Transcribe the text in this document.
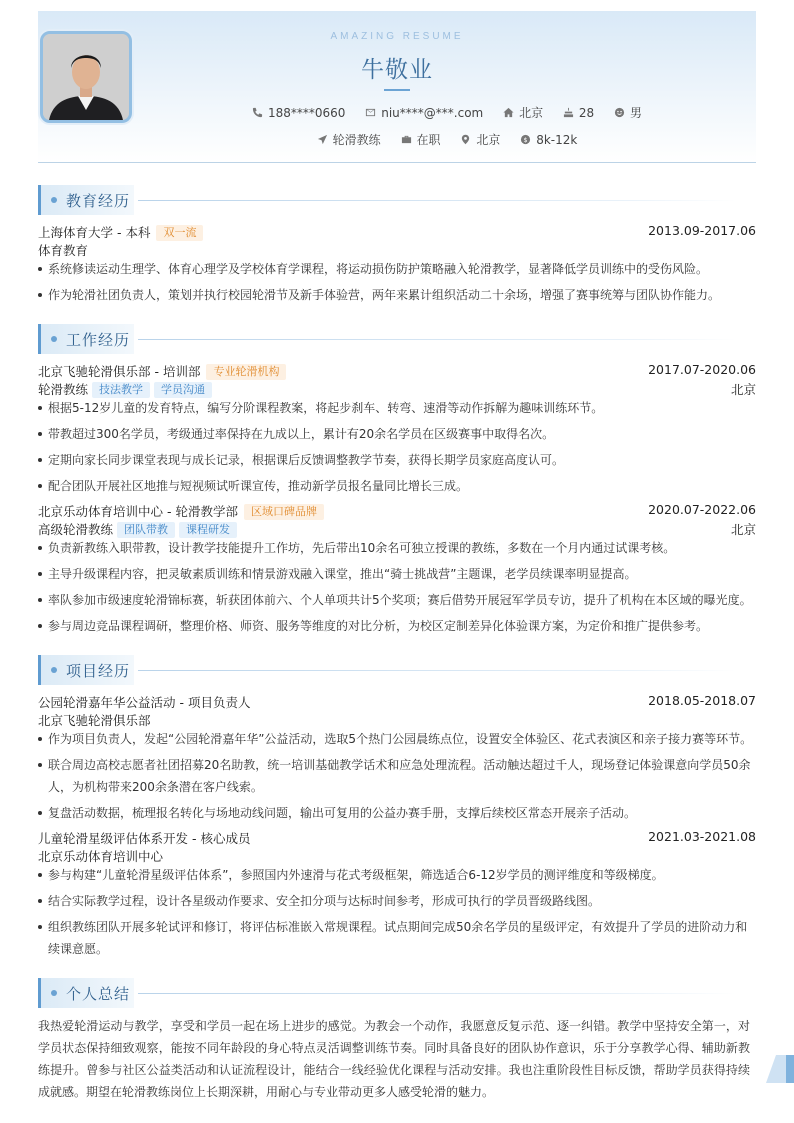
AMAZING RESUME
牛敬业
188****0660	niu****@***.com	北京	28	男
轮滑教练	在职	北京	$ 8k-12k
教育经历
上海体育大学 - 本科 双一流	2013.09-2017.06
体育教育
系统修读运动生理学、体育心理学及学校体育学课程，将运动损伤防护策略融入轮滑教学，显著降低学员训练中的受伤风险。
作为轮滑社团负责人，策划并执行校园轮滑节及新手体验营，两年来累计组织活动二十余场，增强了赛事统筹与团队协作能力。
工作经历
北京飞驰轮滑俱乐部 - 培训部 专业轮滑机构	2017.07-2020.06
轮滑教练 技法教学 学员沟通	北京
根据5-12岁儿童的发育特点，编写分阶课程教案，将起步刹车、转弯、速滑等动作拆解为趣味训练环节。
带教超过300名学员，考级通过率保持在九成以上，累计有20余名学员在区级赛事中取得名次。
定期向家长同步课堂表现与成长记录，根据课后反馈调整教学节奏，获得长期学员家庭高度认可。
配合团队开展社区地推与短视频试听课宣传，推动新学员报名量同比增长三成。
北京乐动体育培训中心 - 轮滑教学部 区域口碑品牌	2020.07-2022.06
高级轮滑教练 团队带教 课程研发	北京
负责新教练入职带教，设计教学技能提升工作坊，先后带出10余名可独立授课的教练，多数在一个月内通过试课考核。
主导升级课程内容，把灵敏素质训练和情景游戏融入课堂，推出“骑士挑战营”主题课，老学员续课率明显提高。
率队参加市级速度轮滑锦标赛，斩获团体前六、个人单项共计5个奖项；赛后借势开展冠军学员专访，提升了机构在本区域的曝光度。
参与周边竞品课程调研，整理价格、师资、服务等维度的对比分析，为校区定制差异化体验课方案，为定价和推广提供参考。
项目经历
公园轮滑嘉年华公益活动 - 项目负责人	2018.05-2018.07
北京飞驰轮滑俱乐部
作为项目负责人，发起“公园轮滑嘉年华”公益活动，选取5个热门公园晨练点位，设置安全体验区、花式表演区和亲子接力赛等环节。
联合周边高校志愿者社团招募20名助教，统一培训基础教学话术和应急处理流程。活动触达超过千人，现场登记体验课意向学员50余人，为机构带来200余条潜在客户线索。
复盘活动数据，梳理报名转化与场地动线问题，输出可复用的公益办赛手册，支撑后续校区常态开展亲子活动。
儿童轮滑星级评估体系开发 - 核心成员	2021.03-2021.08
北京乐动体育培训中心
参与构建“儿童轮滑星级评估体系”，参照国内外速滑与花式考级框架，筛选适合6-12岁学员的测评维度和等级梯度。
结合实际教学过程，设计各星级动作要求、安全扣分项与达标时间参考，形成可执行的学员晋级路线图。
组织教练团队开展多轮试评和修订，将评估标准嵌入常规课程。试点期间完成50余名学员的星级评定，有效提升了学员的进阶动力和续课意愿。
个人总结
我热爱轮滑运动与教学，享受和学员一起在场上进步的感觉。为教会一个动作，我愿意反复示范、逐一纠错。教学中坚持安全第一，对学员状态保持细致观察，能按不同年龄段的身心特点灵活调整训练节奏。同时具备良好的团队协作意识，乐于分享教学心得、辅助新教练提升。曾参与社区公益类活动和认证流程设计，能结合一线经验优化课程与活动安排。我也注重阶段性目标反馈，帮助学员获得持续成就感。期望在轮滑教练岗位上长期深耕，用耐心与专业带动更多人感受轮滑的魅力。
